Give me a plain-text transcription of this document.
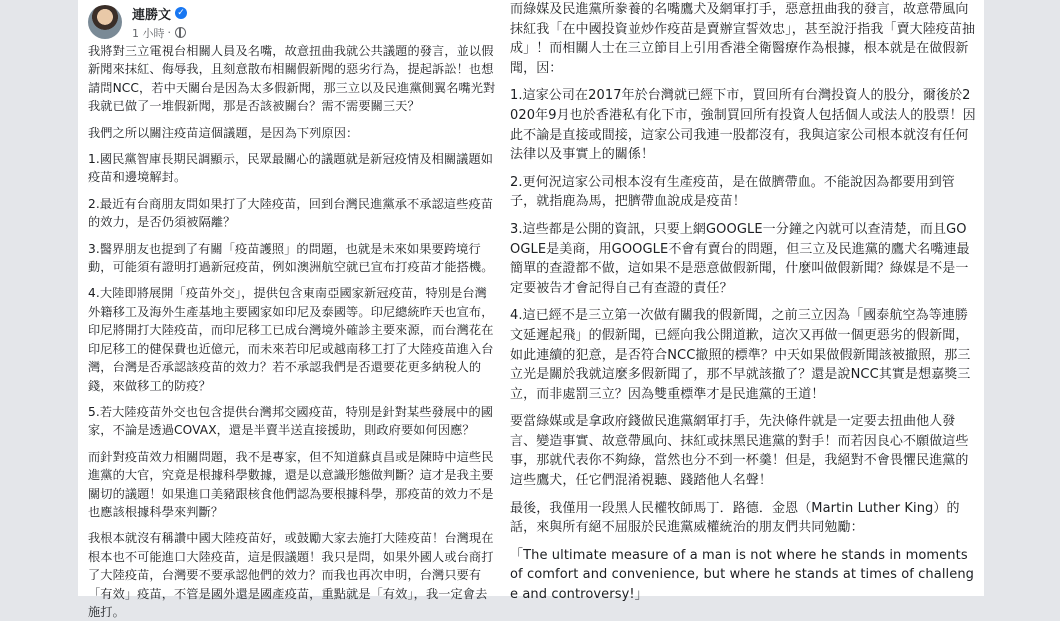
連勝文 ✓
1 小時 ·

我將對三立電視台相關人員及名嘴，故意扭曲我就公共議題的發言，並以假新聞來抹紅、侮辱我，且刻意散布相關假新聞的惡劣行為，提起訴訟！也想請問NCC，若中天關台是因為太多假新聞，那三立以及民進黨側翼名嘴光對我就已做了一堆假新聞，那是否該被關台？需不需要關三天？

我們之所以關注疫苗這個議題，是因為下列原因：

1.國民黨智庫長期民調顯示，民眾最關心的議題就是新冠疫情及相關議題如疫苗和邊境解封。

2.最近有台商朋友問如果打了大陸疫苗，回到台灣民進黨承不承認這些疫苗的效力，是否仍須被隔離？

3.醫界朋友也提到了有關「疫苗護照」的問題，也就是未來如果要跨境行動，可能須有證明打過新冠疫苗，例如澳洲航空就已宣布打疫苗才能搭機。

4.大陸即將展開「疫苗外交」，提供包含東南亞國家新冠疫苗，特別是台灣外籍移工及海外生產基地主要國家如印尼及泰國等。印尼總統昨天也宣布，印尼將開打大陸疫苗，而印尼移工已成台灣境外確診主要來源，而台灣花在印尼移工的健保費也近億元，而未來若印尼或越南移工打了大陸疫苗進入台灣，台灣是否承認該疫苗的效力？若不承認我們是否還要花更多納稅人的錢，來做移工的防疫？

5.若大陸疫苗外交也包含提供台灣邦交國疫苗，特別是針對某些發展中的國家，不論是透過COVAX，還是半賣半送直接援助，則政府要如何因應？

而針對疫苗效力相關問題，我不是專家，但不知道蘇貞昌或是陳時中這些民進黨的大官，究竟是根據科學數據，還是以意識形態做判斷？這才是我主要關切的議題！如果進口美豬跟核食他們認為要根據科學，那疫苗的效力不是也應該根據科學來判斷？

我根本就沒有稱讚中國大陸疫苗好，或鼓勵大家去施打大陸疫苗！台灣現在根本也不可能進口大陸疫苗，這是假議題！我只是問，如果外國人或台商打了大陸疫苗，台灣要不要承認他們的效力？而我也再次申明，台灣只要有「有效」疫苗，不管是國外還是國產疫苗，重點就是「有效」，我一定會去施打。

而綠媒及民進黨所豢養的名嘴鷹犬及網軍打手，惡意扭曲我的發言，故意帶風向抹紅我「在中國投資並炒作疫苗是賣辦宣誓效忠」，甚至說汙指我「賣大陸疫苗抽成」！而相關人士在三立節目上引用香港全衛醫療作為根據，根本就是在做假新聞，因：

1.這家公司在2017年於台灣就已經下市，買回所有台灣投資人的股分，爾後於2020年9月也於香港私有化下市，強制買回所有投資人包括個人或法人的股票！因此不論是直接或間接，這家公司我連一股都沒有，我與這家公司根本就沒有任何法律以及事實上的關係！

2.更何況這家公司根本沒有生產疫苗，是在做臍帶血。不能說因為都要用到管子，就指鹿為馬，把臍帶血說成是疫苗！

3.這些都是公開的資訊，只要上網GOOGLE一分鐘之內就可以查清楚，而且GOOGLE是美商，用GOOGLE不會有賣台的問題，但三立及民進黨的鷹犬名嘴連最簡單的查證都不做，這如果不是惡意做假新聞，什麼叫做假新聞？綠媒是不是一定要被告才會記得自己有查證的責任？

4.這已經不是三立第一次做有關我的假新聞，之前三立因為「國泰航空為等連勝文延遲起飛」的假新聞，已經向我公開道歉，這次又再做一個更惡劣的假新聞，如此連續的犯意，是否符合NCC撤照的標準？中天如果做假新聞該被撤照，那三立光是關於我就這麼多假新聞了，那不早就該撤了？還是說NCC其實是想嘉獎三立，而非處罰三立？因為雙重標準才是民進黨的王道！

要當綠媒或是拿政府錢做民進黨網軍打手，先決條件就是一定要去扭曲他人發言、變造事實、故意帶風向、抹紅或抹黑民進黨的對手！而若因良心不願做這些事，那就代表你不夠綠，當然也分不到一杯羹！但是，我絕對不會畏懼民進黨的這些鷹犬，任它們混淆視聽、踐踏他人名聲！

最後，我僅用一段黑人民權牧師馬丁．路德．金恩（Martin Luther King）的話，來與所有絕不屈服於民進黨威權統治的朋友們共同勉勵：

「The ultimate measure of a man is not where he stands in moments of comfort and convenience, but where he stands at times of challenge and controversy!」
